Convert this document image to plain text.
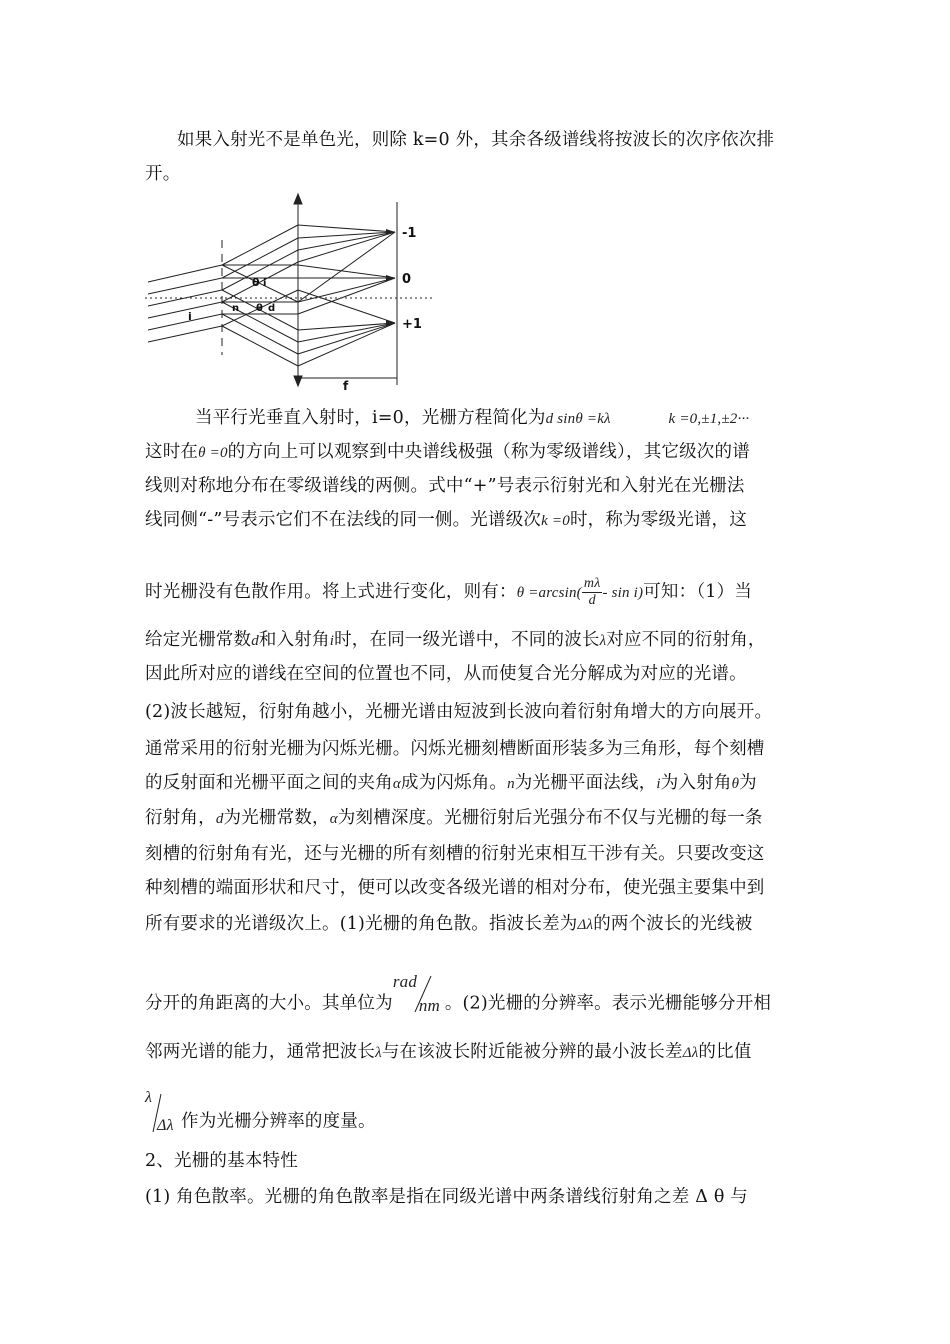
如果入射光不是单色光，则除 k=0 外，其余各级谱线将按波长的次序依次排
开。
-1
0
+1
f
θ
i
n θ d
i
当平行光垂直入射时，i=0，光栅方程简化为d sinθ =kλ	k =0,±1,±2···
这时在θ =0的方向上可以观察到中央谱线极强（称为零级谱线），其它级次的谱
线则对称地分布在零级谱线的两侧。式中“+”号表示衍射光和入射光在光栅法
线同侧“-”号表示它们不在法线的同一侧。光谱级次k =0时，称为零级光谱，这
时光栅没有色散作用。将上式进行变化，则有：$\theta =\arcsin( \frac{m\lambda}{d} - \sin i)$可知：（1）当
给定光栅常数d和入射角i时，在同一级光谱中，不同的波长λ对应不同的衍射角，
因此所对应的谱线在空间的位置也不同，从而使复合光分解成为对应的光谱。
(2)波长越短，衍射角越小，光栅光谱由短波到长波向着衍射角增大的方向展开。
通常采用的衍射光栅为闪烁光栅。闪烁光栅刻槽断面形装多为三角形，每个刻槽
的反射面和光栅平面之间的夹角α成为闪烁角。n为光栅平面法线，i为入射角θ为
衍射角，d为光栅常数，α为刻槽深度。光栅衍射后光强分布不仅与光栅的每一条
刻槽的衍射角有光，还与光栅的所有刻槽的衍射光束相互干涉有关。只要改变这
种刻槽的端面形状和尺寸，便可以改变各级光谱的相对分布，使光强主要集中到
所有要求的光谱级次上。(1)光栅的角色散。指波长差为Δλ的两个波长的光线被
分开的角距离的大小。其单位为
rad
nm 。(2)光栅的分辨率。表示光栅能够分开相
邻两光谱的能力，通常把波长λ与在该波长附近能被分辨的最小波长差Δλ的比值
λ
Δλ 作为光栅分辨率的度量。
2、光栅的基本特性
(1) 角色散率。光栅的角色散率是指在同级光谱中两条谱线衍射角之差 Δ θ 与
